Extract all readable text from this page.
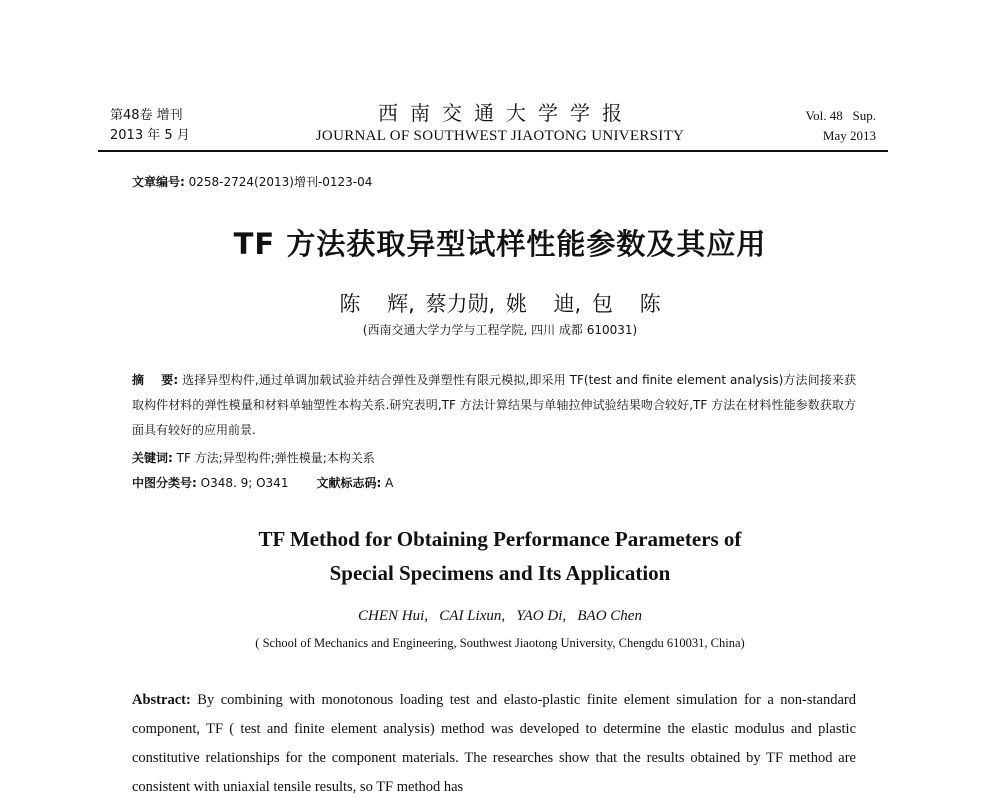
第48卷 增刊
2013 年 5 月
西南交通大学学报
JOURNAL OF SOUTHWEST JIAOTONG UNIVERSITY
Vol. 48   Sup.
May 2013
文章编号: 0258-2724(2013)增刊-0123-04
TF 方法获取异型试样性能参数及其应用
陈    辉, 蔡力勋, 姚    迪, 包    陈
(西南交通大学力学与工程学院, 四川 成都 610031)
摘    要: 选择异型构件,通过单调加载试验并结合弹性及弹塑性有限元模拟,即采用 TF(test and finite element analysis)方法间接来获取构件材料的弹性模量和材料单轴塑性本构关系.研究表明,TF 方法计算结果与单轴拉伸试验结果吻合较好,TF 方法在材料性能参数获取方面具有较好的应用前景.
关键词: TF 方法;异型构件;弹性模量;本构关系
中图分类号: O348. 9; O341 文献标志码: A
TF Method for Obtaining Performance Parameters of
Special Specimens and Its Application
CHEN Hui,   CAI Lixun,   YAO Di,   BAO Chen
( School of Mechanics and Engineering, Southwest Jiaotong University, Chengdu 610031, China)
Abstract: By combining with monotonous loading test and elasto-plastic finite element simulation for a non-standard component, TF ( test and finite element analysis) method was developed to determine the elastic modulus and plastic constitutive relationships for the component materials. The researches show that the results obtained by TF method are consistent with uniaxial tensile results, so TF method has
